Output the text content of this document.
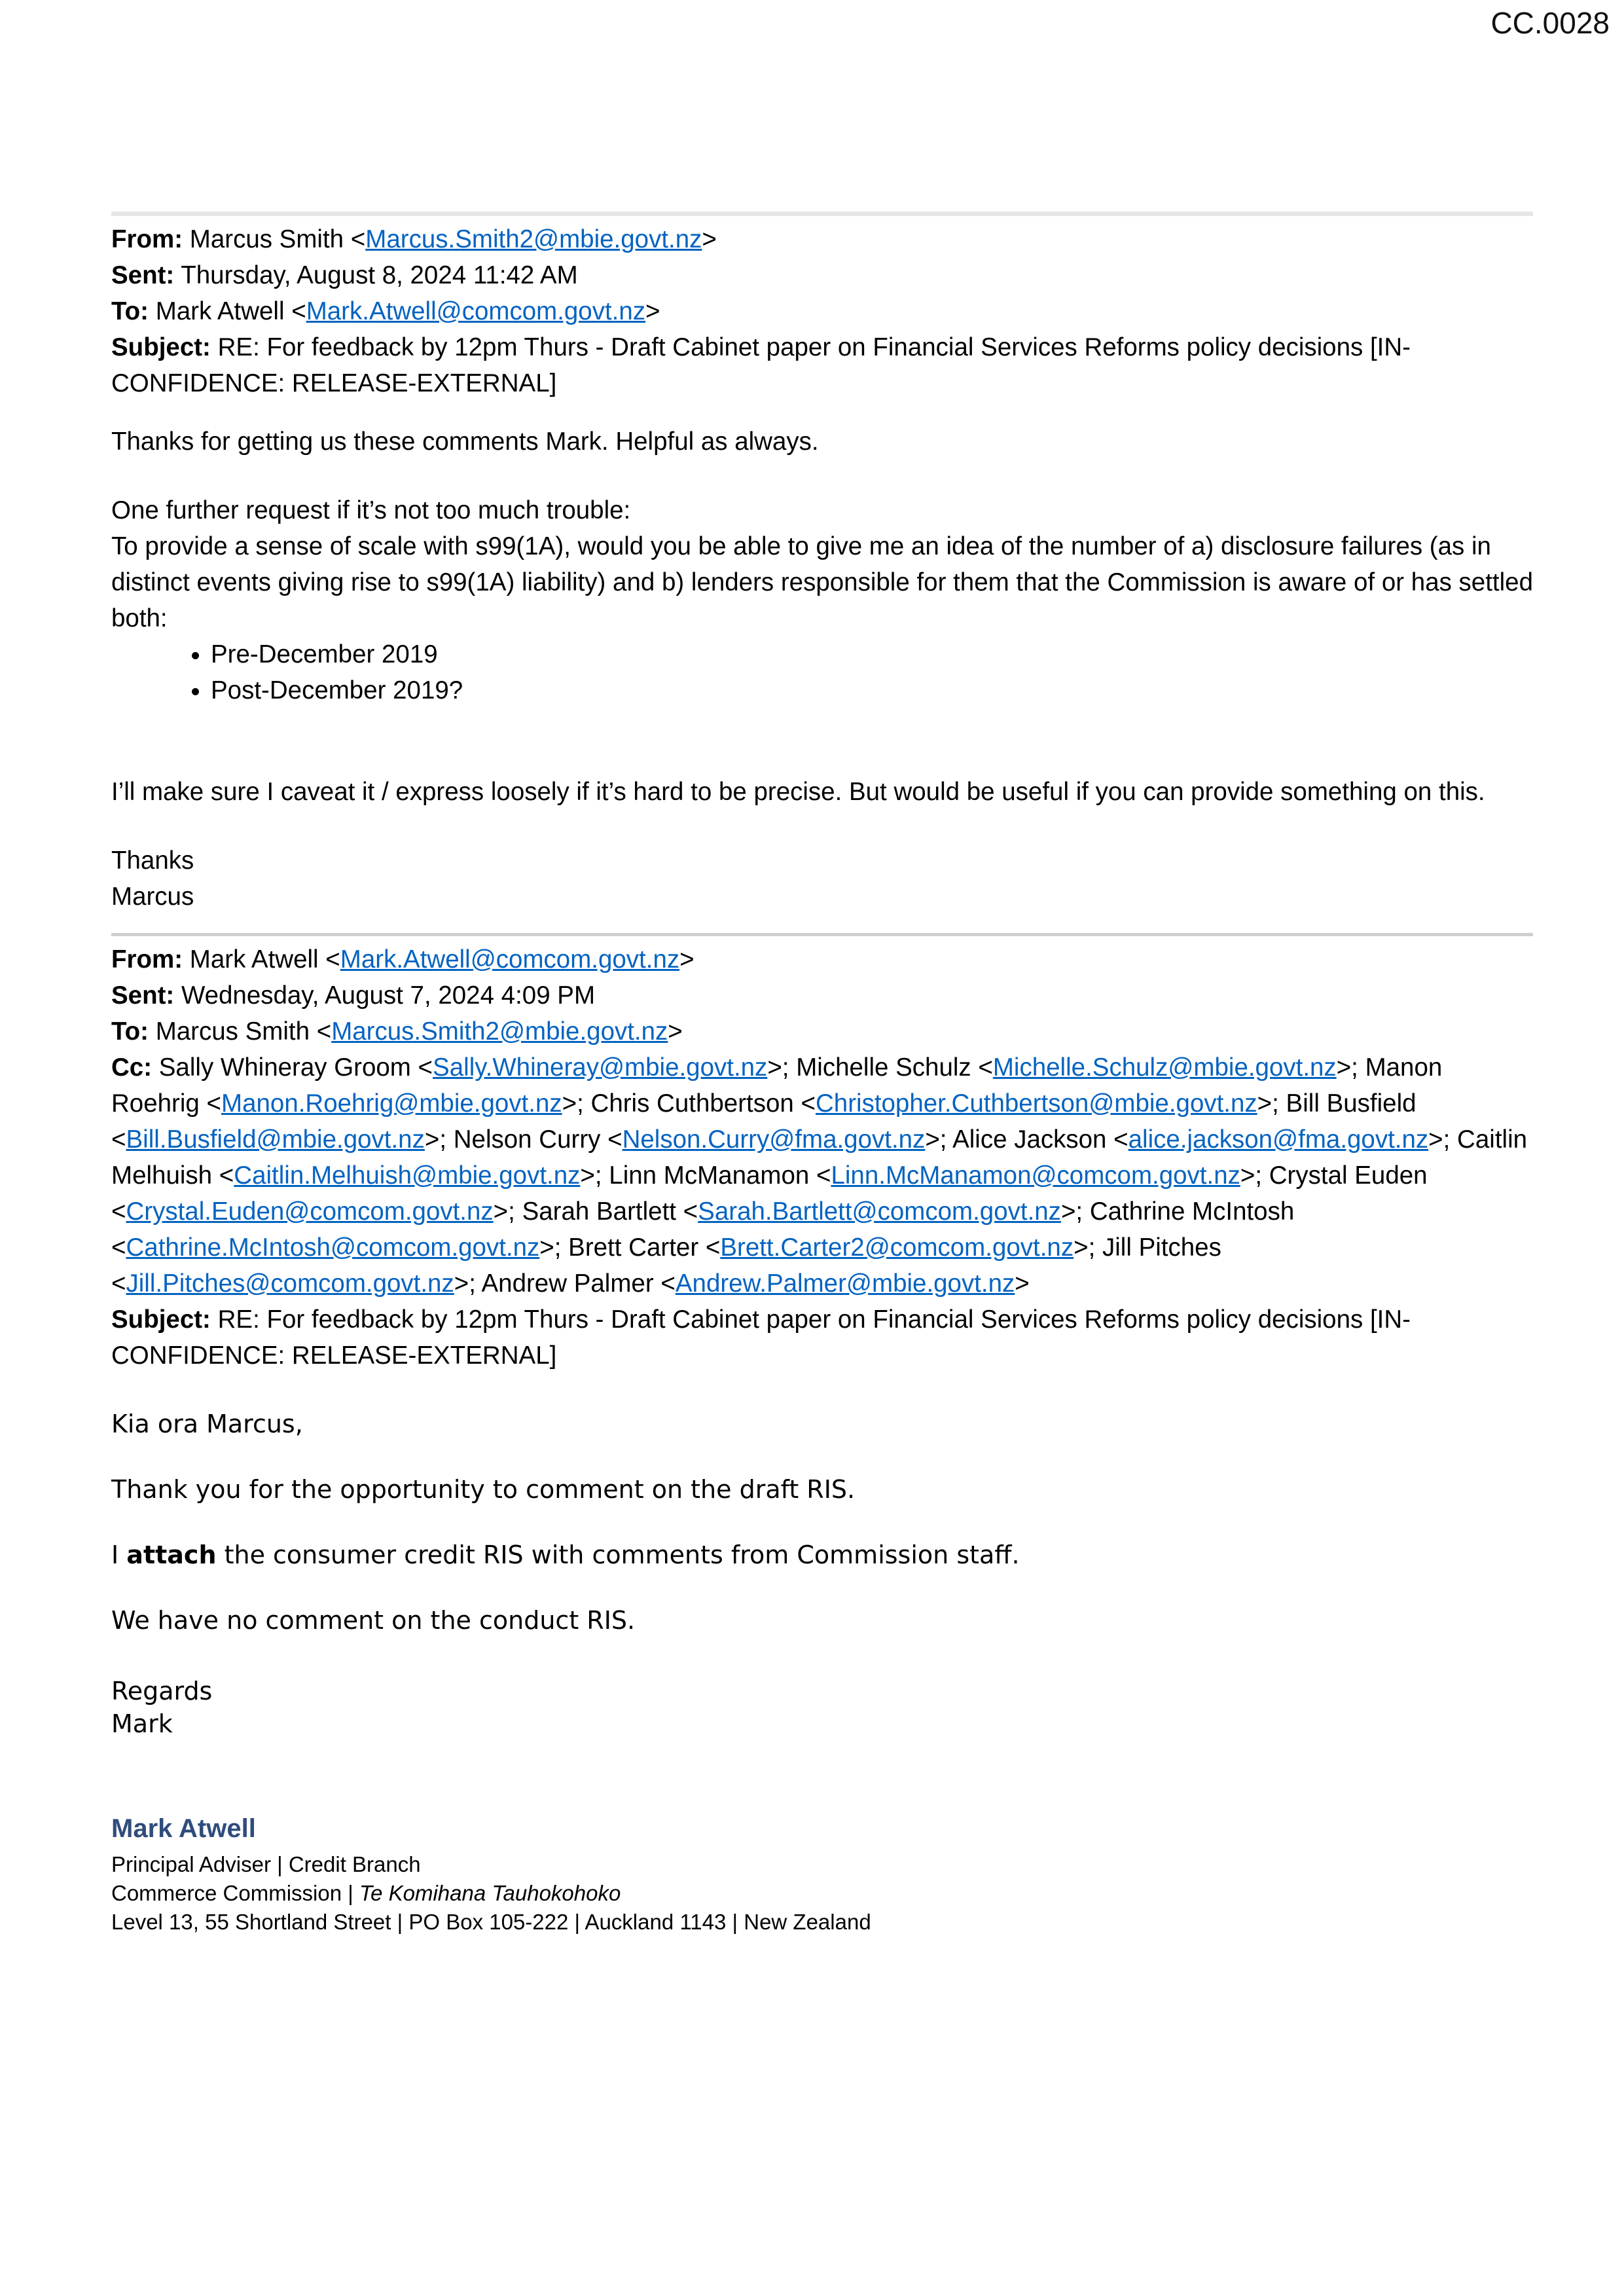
CC.0028
From: Marcus Smith <Marcus.Smith2@mbie.govt.nz>
Sent: Thursday, August 8, 2024 11:42 AM
To: Mark Atwell <Mark.Atwell@comcom.govt.nz>
Subject: RE: For feedback by 12pm Thurs - Draft Cabinet paper on Financial Services Reforms policy decisions [IN-CONFIDENCE: RELEASE-EXTERNAL]
Thanks for getting us these comments Mark. Helpful as always.
One further request if it’s not too much trouble:
To provide a sense of scale with s99(1A), would you be able to give me an idea of the number of a) disclosure failures (as in distinct events giving rise to s99(1A) liability) and b) lenders responsible for them that the Commission is aware of or has settled both:
• Pre-December 2019
• Post-December 2019?
I’ll make sure I caveat it / express loosely if it’s hard to be precise. But would be useful if you can provide something on this.
Thanks
Marcus
From: Mark Atwell <Mark.Atwell@comcom.govt.nz>
Sent: Wednesday, August 7, 2024 4:09 PM
To: Marcus Smith <Marcus.Smith2@mbie.govt.nz>
Cc: Sally Whineray Groom <Sally.Whineray@mbie.govt.nz>; Michelle Schulz <Michelle.Schulz@mbie.govt.nz>; Manon Roehrig <Manon.Roehrig@mbie.govt.nz>; Chris Cuthbertson <Christopher.Cuthbertson@mbie.govt.nz>; Bill Busfield <Bill.Busfield@mbie.govt.nz>; Nelson Curry <Nelson.Curry@fma.govt.nz>; Alice Jackson <alice.jackson@fma.govt.nz>; Caitlin Melhuish <Caitlin.Melhuish@mbie.govt.nz>; Linn McManamon <Linn.McManamon@comcom.govt.nz>; Crystal Euden <Crystal.Euden@comcom.govt.nz>; Sarah Bartlett <Sarah.Bartlett@comcom.govt.nz>; Cathrine McIntosh <Cathrine.McIntosh@comcom.govt.nz>; Brett Carter <Brett.Carter2@comcom.govt.nz>; Jill Pitches <Jill.Pitches@comcom.govt.nz>; Andrew Palmer <Andrew.Palmer@mbie.govt.nz>
Subject: RE: For feedback by 12pm Thurs - Draft Cabinet paper on Financial Services Reforms policy decisions [IN-CONFIDENCE: RELEASE-EXTERNAL]
Kia ora Marcus,
Thank you for the opportunity to comment on the draft RIS.
I attach the consumer credit RIS with comments from Commission staff.
We have no comment on the conduct RIS.
Regards
Mark
Mark Atwell
Principal Adviser | Credit Branch
Commerce Commission | Te Komihana Tauhokohoko
Level 13, 55 Shortland Street | PO Box 105-222 | Auckland 1143 | New Zealand
